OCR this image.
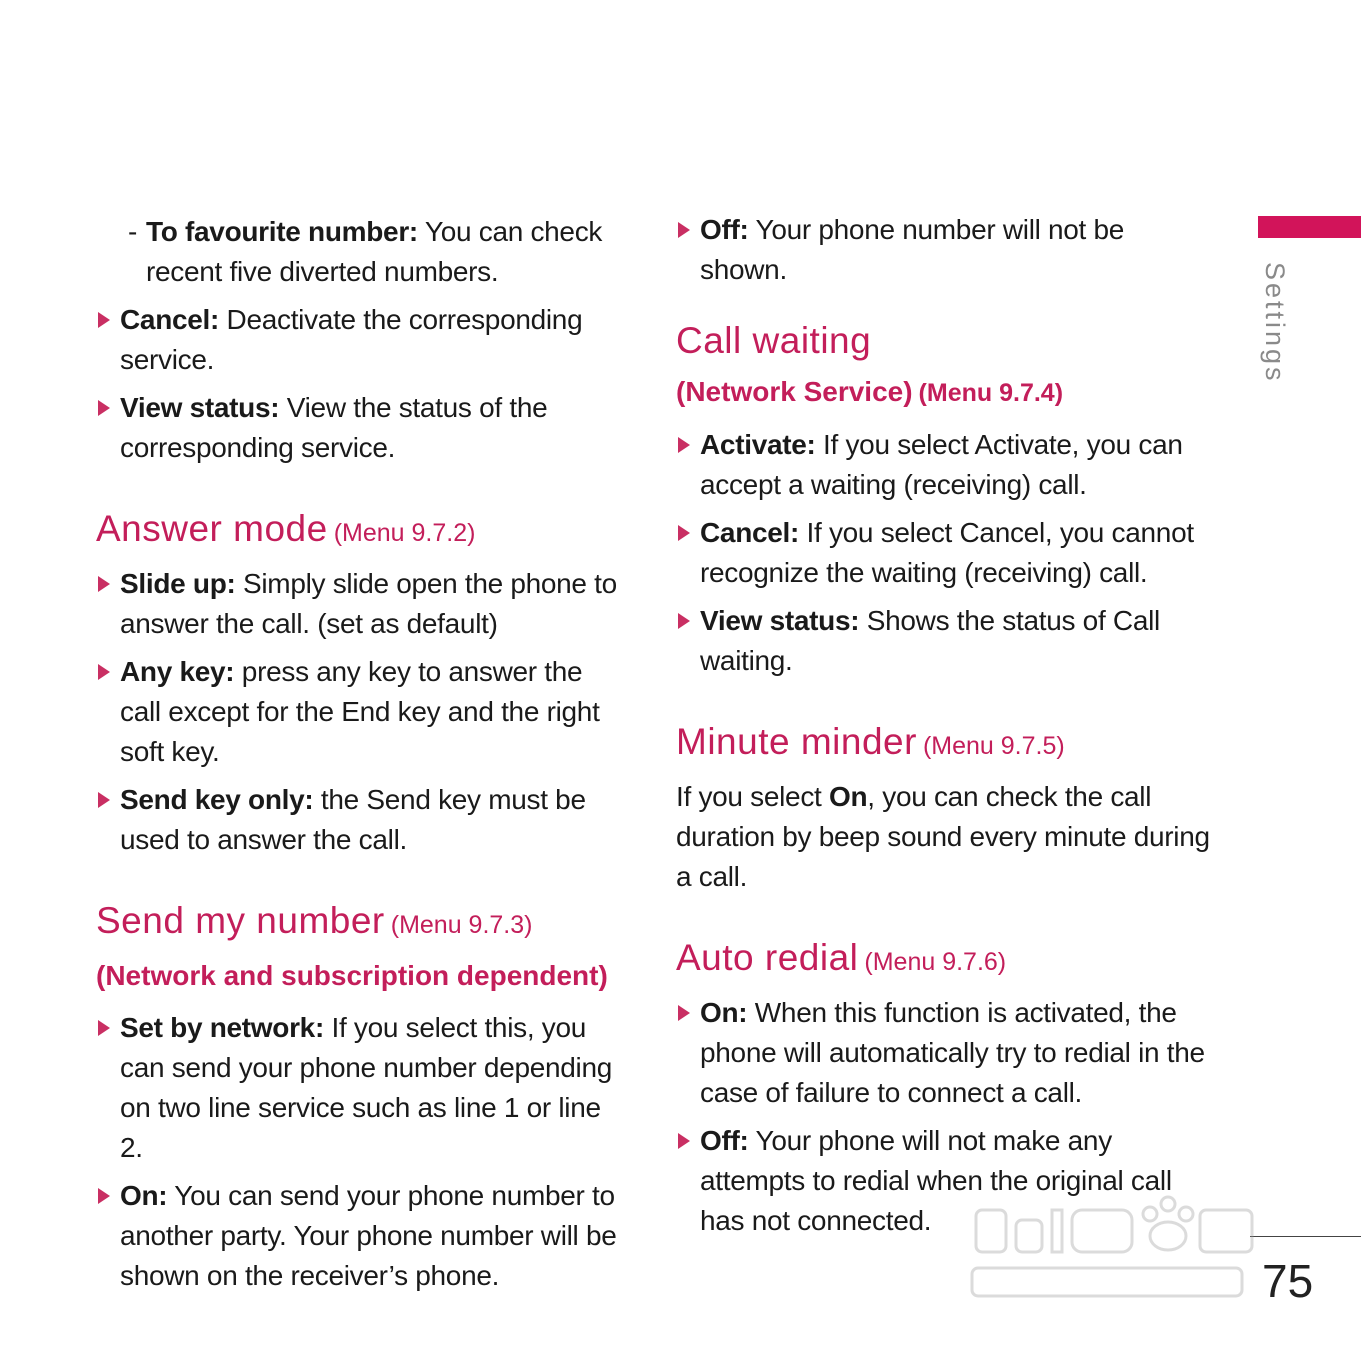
- To favourite number: You can check recent five diverted numbers.
Cancel: Deactivate the corresponding service.
View status: View the status of the corresponding service.
Answer mode (Menu 9.7.2)
Slide up: Simply slide open the phone to answer the call. (set as default)
Any key: press any key to answer the call except for the End key and the right soft key.
Send key only: the Send key must be used to answer the call.
Send my number (Menu 9.7.3)
(Network and subscription dependent)
Set by network: If you select this, you can send your phone number depending on two line service such as line 1 or line 2.
On: You can send your phone number to another party. Your phone number will be shown on the receiver’s phone.
Off: Your phone number will not be shown.
Call waiting
(Network Service) (Menu 9.7.4)
Activate: If you select Activate, you can accept a waiting (receiving) call.
Cancel: If you select Cancel, you cannot recognize the waiting (receiving) call.
View status: Shows the status of Call waiting.
Minute minder (Menu 9.7.5)
If you select On, you can check the call duration by beep sound every minute during a call.
Auto redial (Menu 9.7.6)
On: When this function is activated, the phone will automatically try to redial in the case of failure to connect a call.
Off: Your phone will not make any attempts to redial when the original call has not connected.
Settings
75
